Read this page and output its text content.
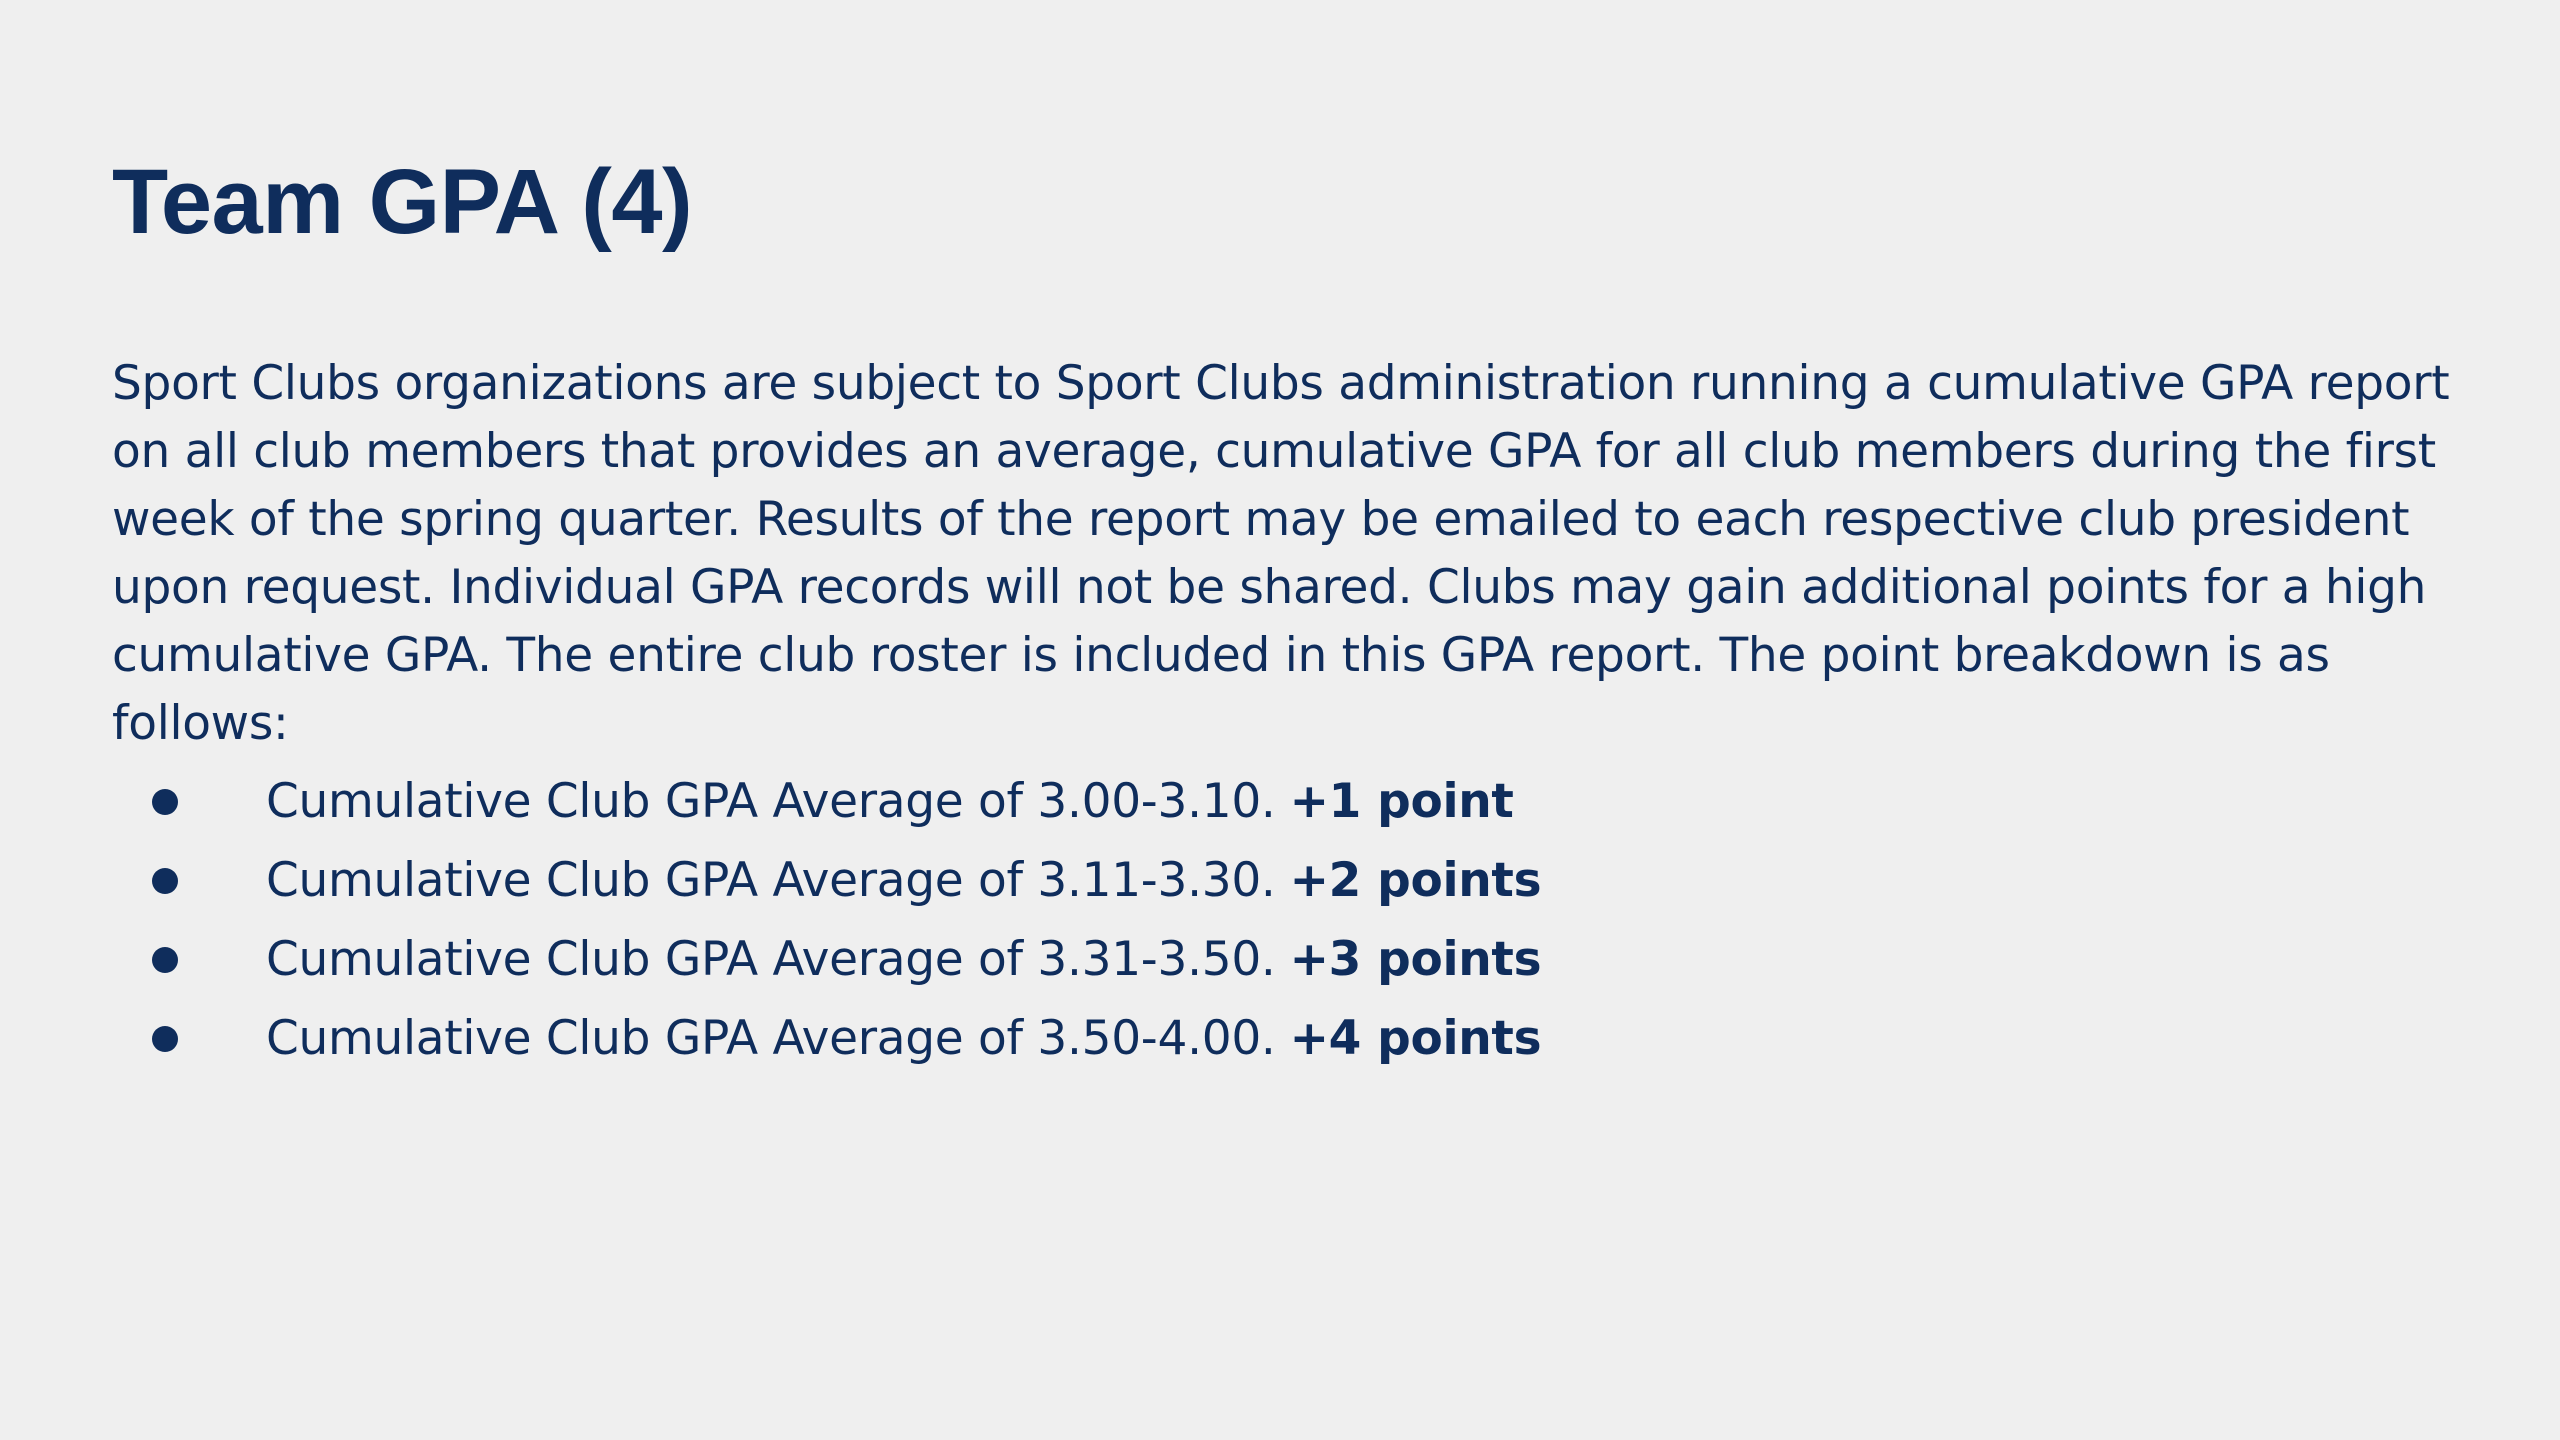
Team GPA (4)

Sport Clubs organizations are subject to Sport Clubs administration running a cumulative GPA report on all club members that provides an average, cumulative GPA for all club members during the first week of the spring quarter. Results of the report may be emailed to each respective club president upon request. Individual GPA records will not be shared. Clubs may gain additional points for a high cumulative GPA. The entire club roster is included in this GPA report. The point breakdown is as follows:

Cumulative Club GPA Average of 3.00-3.10. +1 point
Cumulative Club GPA Average of 3.11-3.30. +2 points
Cumulative Club GPA Average of 3.31-3.50. +3 points
Cumulative Club GPA Average of 3.50-4.00. +4 points
